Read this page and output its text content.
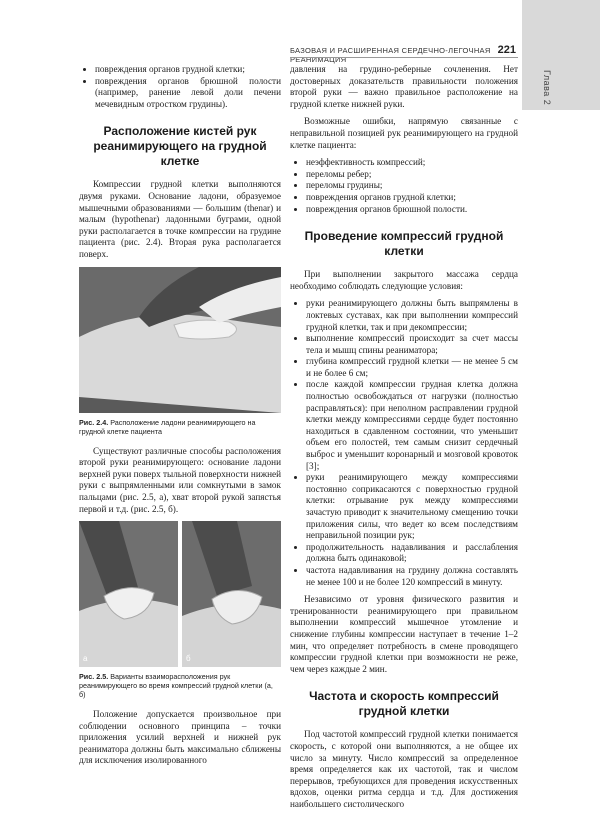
Глава 2
БАЗОВАЯ И РАСШИРЕННАЯ СЕРДЕЧНО-ЛЕГОЧНАЯ РЕАНИМАЦИЯ
221
• повреждения органов грудной клетки;
• повреждения органов брюшной полости (например, ранение левой доли печени мечевидным отростком грудины).
Расположение кистей рук реанимирующего на грудной клетке

Компрессии грудной клетки выполняются двумя руками. Основание ладони, образуемое мышечными образованиями — большим (thenar) и малым (hypothenar) ладонными буграми, одной руки располагается в точке компрессии на грудине пациента (рис. 2.4). Вторая рука располагается поверх.

Рис. 2.4. Расположение ладони реанимирующего на грудной клетке пациента

Существуют различные способы расположения второй руки реанимирующего: основание ладони верхней руки поверх тыльной поверхности нижней руки с выпрямленными или сомкнутыми в замок пальцами (рис. 2.5, а), хват второй рукой запястья первой и т.д. (рис. 2.5, б).

а	б
Рис. 2.5. Варианты взаиморасположения рук реанимирующего во время компрессий грудной клетки (а, б)

Положение допускается произвольное при соблюдении основного принципа – точки приложения усилий верхней и нижней рук реаниматора должны быть максимально сближены для исключения изолированного

давления на грудино-реберные сочленения. Нет достоверных доказательств правильности положения второй руки — важно правильное расположение на грудной клетке нижней руки.

Возможные ошибки, напрямую связанные с неправильной позицией рук реанимирующего на грудной клетке пациента:

• неэффективность компрессий;
• переломы ребер;
• переломы грудины;
• повреждения органов грудной клетки;
• повреждения органов брюшной полости.
Проведение компрессий грудной клетки

При выполнении закрытого массажа сердца необходимо соблюдать следующие условия:

• руки реанимирующего должны быть выпрямлены в локтевых суставах, как при выполнении компрессий грудной клетки, так и при декомпрессии;
• выполнение компрессий происходит за счет массы тела и мышц спины реаниматора;
• глубина компрессий грудной клетки — не менее 5 см и не более 6 см;
• после каждой компрессии грудная клетка должна полностью освобождаться от нагрузки (полностью расправляться): при неполном расправлении грудной клетки между компрессиями сердце будет постоянно находиться в сдавленном состоянии, что уменьшит объем его полостей, тем самым снизит сердечный выброс и уменьшит коронарный и мозговой кровоток [3];
• руки реанимирующего между компрессиями постоянно соприкасаются с поверхностью грудной клетки: отрывание рук между компрессиями зачастую приводит к значительному смещению точки приложения силы, что ведет ко всем последствиям неправильной позиции рук;
• продолжительность надавливания и расслабления должна быть одинаковой;
• частота надавливания на грудину должна составлять не менее 100 и не более 120 компрессий в минуту.

Независимо от уровня физического развития и тренированности реанимирующего при правильном выполнении компрессий мышечное утомление и снижение глубины компрессии наступает в течение 1–2 мин, что определяет потребность в смене проводящего компрессии грудной клетки при возможности не реже, чем через каждые 2 мин.

Частота и скорость компрессий грудной клетки

Под частотой компрессий грудной клетки понимается скорость, с которой они выполняются, а не общее их число за минуту. Число компрессий за определенное время определяется как их частотой, так и числом перерывов, требующихся для проведения искусственных вдохов, оценки ритма сердца и т.д. Для достижения наибольшего систолического
